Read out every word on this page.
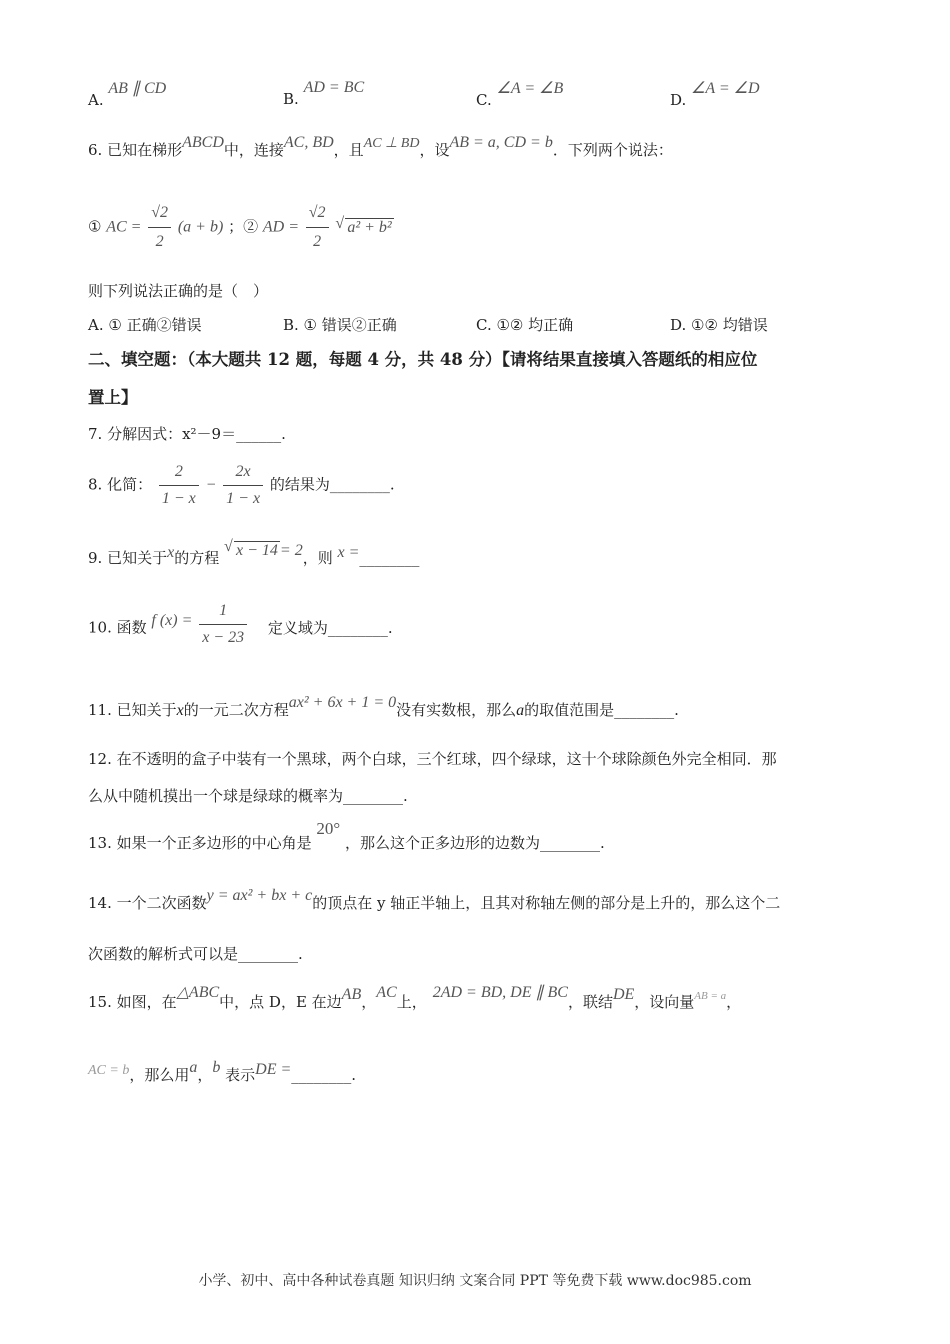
A. AB ∥ CD
B. AD = BC
C. ∠A = ∠B
D. ∠A = ∠D
6. 已知在梯形ABCD中，连接AC, BD，且AC ⊥ BD，设AB = a, CD = b．下列两个说法：
① AC = $\frac{√2}{2} (a + b)$ ；② AD = $\frac{√2}{2}$
√ a² + b²
则下列说法正确的是（　）
A. ① 正确②错误	B. ① 错误②正确	C. ①② 均正确	D. ①② 均错误
二、填空题：（本大题共 12 题，每题 4 分，共 48 分）【请将结果直接填入答题纸的相应位
置上】
7. 分解因式：x²－9＝______.
8. 化简： $\frac{2}{1 - x} - \frac{2x}{1 - x}$ 的结果为________.
9. 已知关于x的方程
√ x − 14 = 2，则 x =________
10. 函数 f $(x) = \frac{1}{x - 23}$ 定义域为________.
11. 已知关于x的一元二次方程ax² + 6x + 1 = 0没有实数根，那么a的取值范围是________.
12. 在不透明的盒子中装有一个黑球，两个白球，三个红球，四个绿球，这十个球除颜色外完全相同．那
么从中随机摸出一个球是绿球的概率为________.
13. 如果一个正多边形的中心角是 20° ，那么这个正多边形的边数为________.
14. 一个二次函数y = ax² + bx + c的顶点在 y 轴正半轴上，且其对称轴左侧的部分是上升的，那么这个二
次函数的解析式可以是________.
15. 如图，在△ABC中，点 D，E 在边AB，AC上，2AD = BD, DE ∥ BC，联结DE，设向量$^{AB = a}$，
AC = b，那么用a，b 表示DE =________.
小学、初中、高中各种试卷真题 知识归纳 文案合同 PPT 等免费下载 www.doc985.com
